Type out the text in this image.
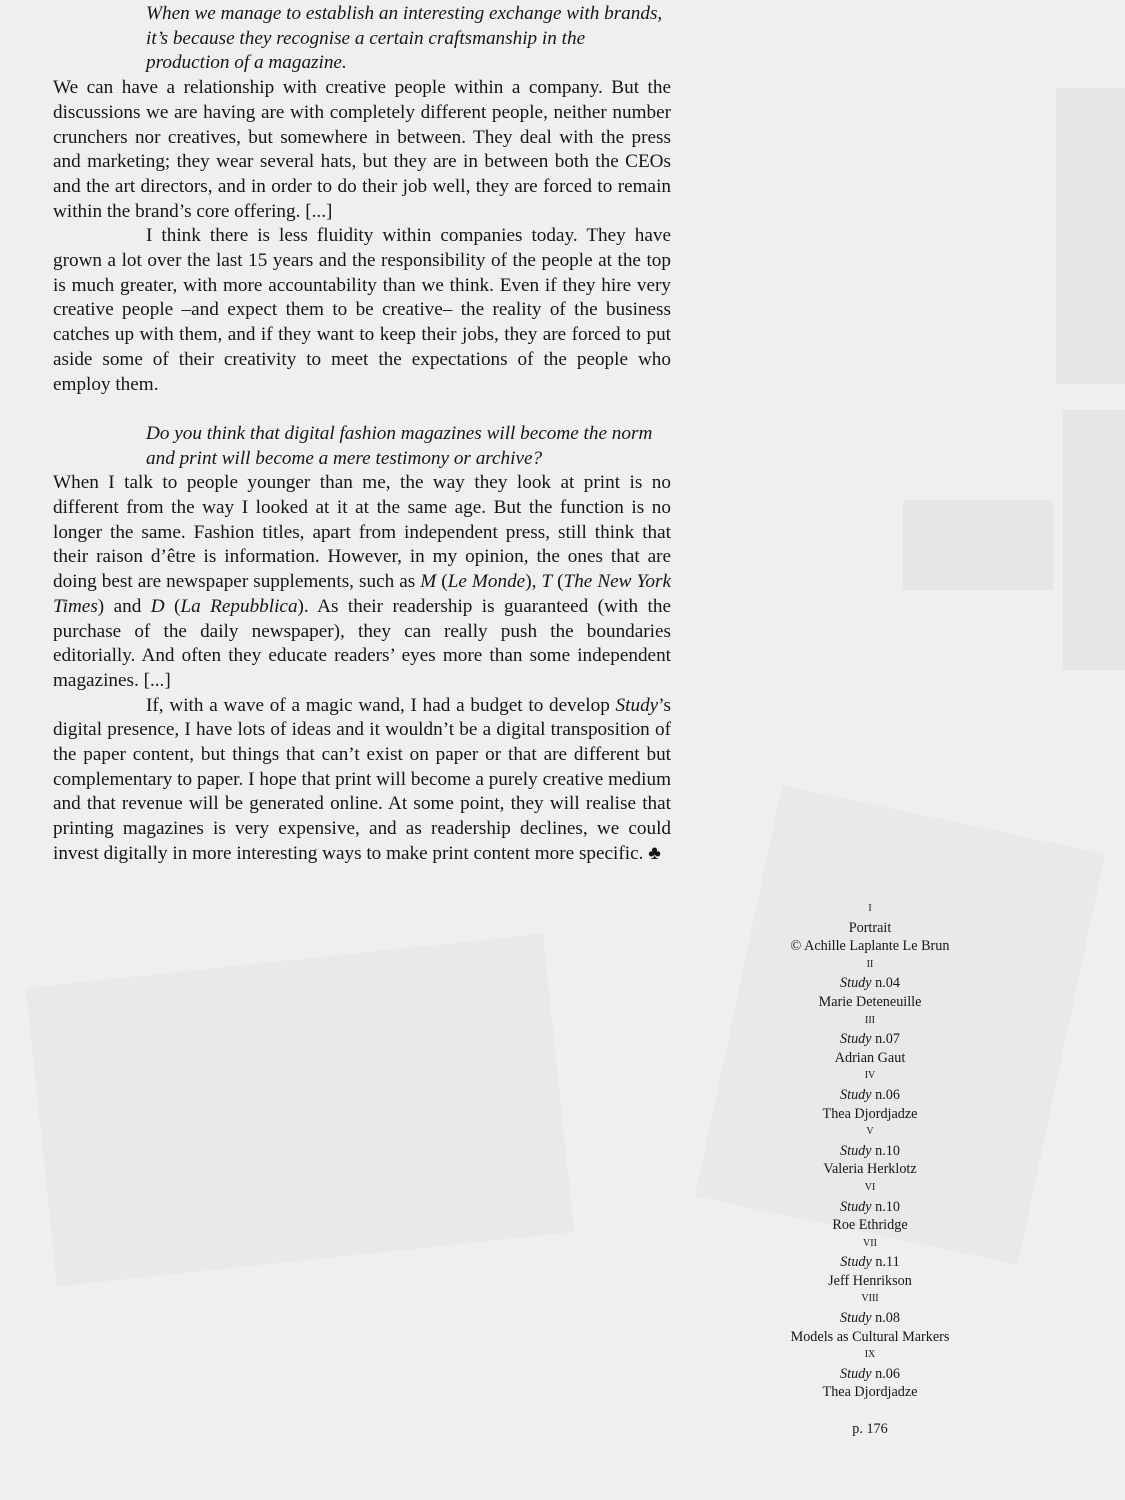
When we manage to establish an interesting exchange with brands, it’s because they recognise a certain craftsmanship in the production of a magazine.

We can have a relationship with creative people within a company. But the discussions we are having are with completely different people, neither number crunchers nor creatives, but somewhere in between. They deal with the press and marketing; they wear several hats, but they are in between both the CEOs and the art directors, and in order to do their job well, they are forced to remain within the brand’s core offering. [...]

I think there is less fluidity within companies today. They have grown a lot over the last 15 years and the responsibility of the people at the top is much greater, with more accountability than we think. Even if they hire very creative people –and expect them to be creative– the reality of the business catches up with them, and if they want to keep their jobs, they are forced to put aside some of their creativity to meet the expectations of the people who employ them.

Do you think that digital fashion magazines will become the norm and print will become a mere testimony or archive?

When I talk to people younger than me, the way they look at print is no different from the way I looked at it at the same age. But the function is no longer the same. Fashion titles, apart from independent press, still think that their raison d’être is information. However, in my opinion, the ones that are doing best are newspaper supplements, such as M (Le Monde), T (The New York Times) and D (La Repubblica). As their readership is guaranteed (with the purchase of the daily newspaper), they can really push the boundaries editorially. And often they educate readers’ eyes more than some independent magazines. [...]

If, with a wave of a magic wand, I had a budget to develop Study’s digital presence, I have lots of ideas and it wouldn’t be a digital transposition of the paper content, but things that can’t exist on paper or that are different but complementary to paper. I hope that print will become a purely creative medium and that revenue will be generated online. At some point, they will realise that printing magazines is very expensive, and as readership declines, we could invest digitally in more interesting ways to make print content more specific. ♣

I
Portrait
© Achille Laplante Le Brun
II
Study n.04
Marie Deteneuille
III
Study n.07
Adrian Gaut
IV
Study n.06
Thea Djordjadze
V
Study n.10
Valeria Herklotz
VI
Study n.10
Roe Ethridge
VII
Study n.11
Jeff Henrikson
VIII
Study n.08
Models as Cultural Markers
IX
Study n.06
Thea Djordjadze
p. 176
